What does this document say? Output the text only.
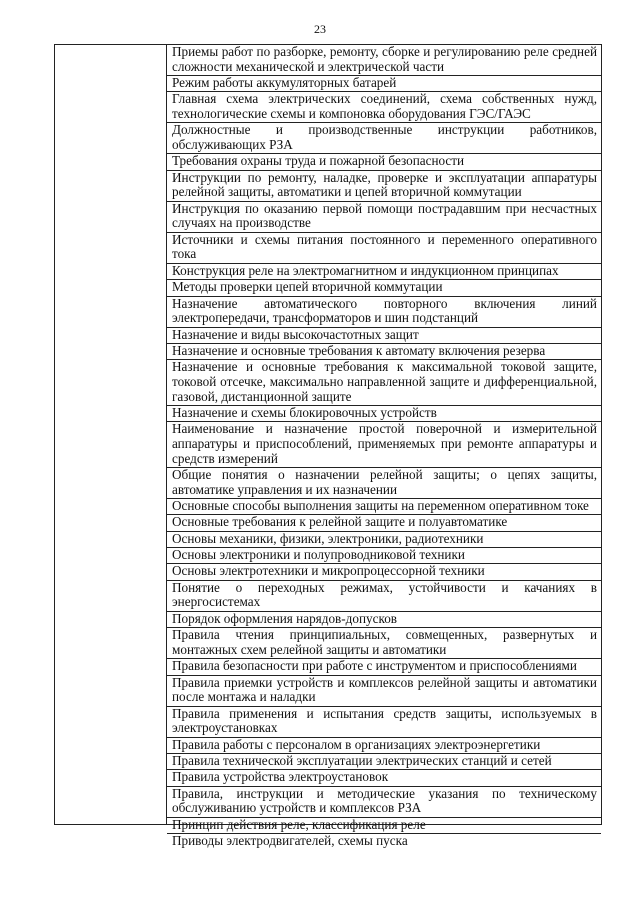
23
Приемы работ по разборке, ремонту, сборке и регулированию реле средней сложности механической и электрической части
Режим работы аккумуляторных батарей
Главная схема электрических соединений, схема собственных нужд, технологические схемы и компоновка оборудования ГЭС/ГАЭС
Должностные и производственные инструкции работников, обслуживающих РЗА
Требования охраны труда и пожарной безопасности
Инструкции по ремонту, наладке, проверке и эксплуатации аппаратуры релейной защиты, автоматики и цепей вторичной коммутации
Инструкция по оказанию первой помощи пострадавшим при несчастных случаях на производстве
Источники и схемы питания постоянного и переменного оперативного тока
Конструкция реле на электромагнитном и индукционном принципах
Методы проверки цепей вторичной коммутации
Назначение автоматического повторного включения линий электропередачи, трансформаторов и шин подстанций
Назначение и виды высокочастотных защит
Назначение и основные требования к автомату включения резерва
Назначение и основные требования к максимальной токовой защите, токовой отсечке, максимально направленной защите и дифференциальной, газовой, дистанционной защите
Назначение и схемы блокировочных устройств
Наименование и назначение простой поверочной и измерительной аппаратуры и приспособлений, применяемых при ремонте аппаратуры и средств измерений
Общие понятия о назначении релейной защиты; о цепях защиты, автоматике управления и их назначении
Основные способы выполнения защиты на переменном оперативном токе
Основные требования к релейной защите и полуавтоматике
Основы механики, физики, электроники, радиотехники
Основы электроники и полупроводниковой техники
Основы электротехники и микропроцессорной техники
Понятие о переходных режимах, устойчивости и качаниях в энергосистемах
Порядок оформления нарядов-допусков
Правила чтения принципиальных, совмещенных, развернутых и монтажных схем релейной защиты и автоматики
Правила безопасности при работе с инструментом и приспособлениями
Правила приемки устройств и комплексов релейной защиты и автоматики после монтажа и наладки
Правила применения и испытания средств защиты, используемых в электроустановках
Правила работы с персоналом в организациях электроэнергетики
Правила технической эксплуатации электрических станций и сетей
Правила устройства электроустановок
Правила, инструкции и методические указания по техническому обслуживанию устройств и комплексов РЗА
Принцип действия реле, классификация реле
Приводы электродвигателей, схемы пуска
